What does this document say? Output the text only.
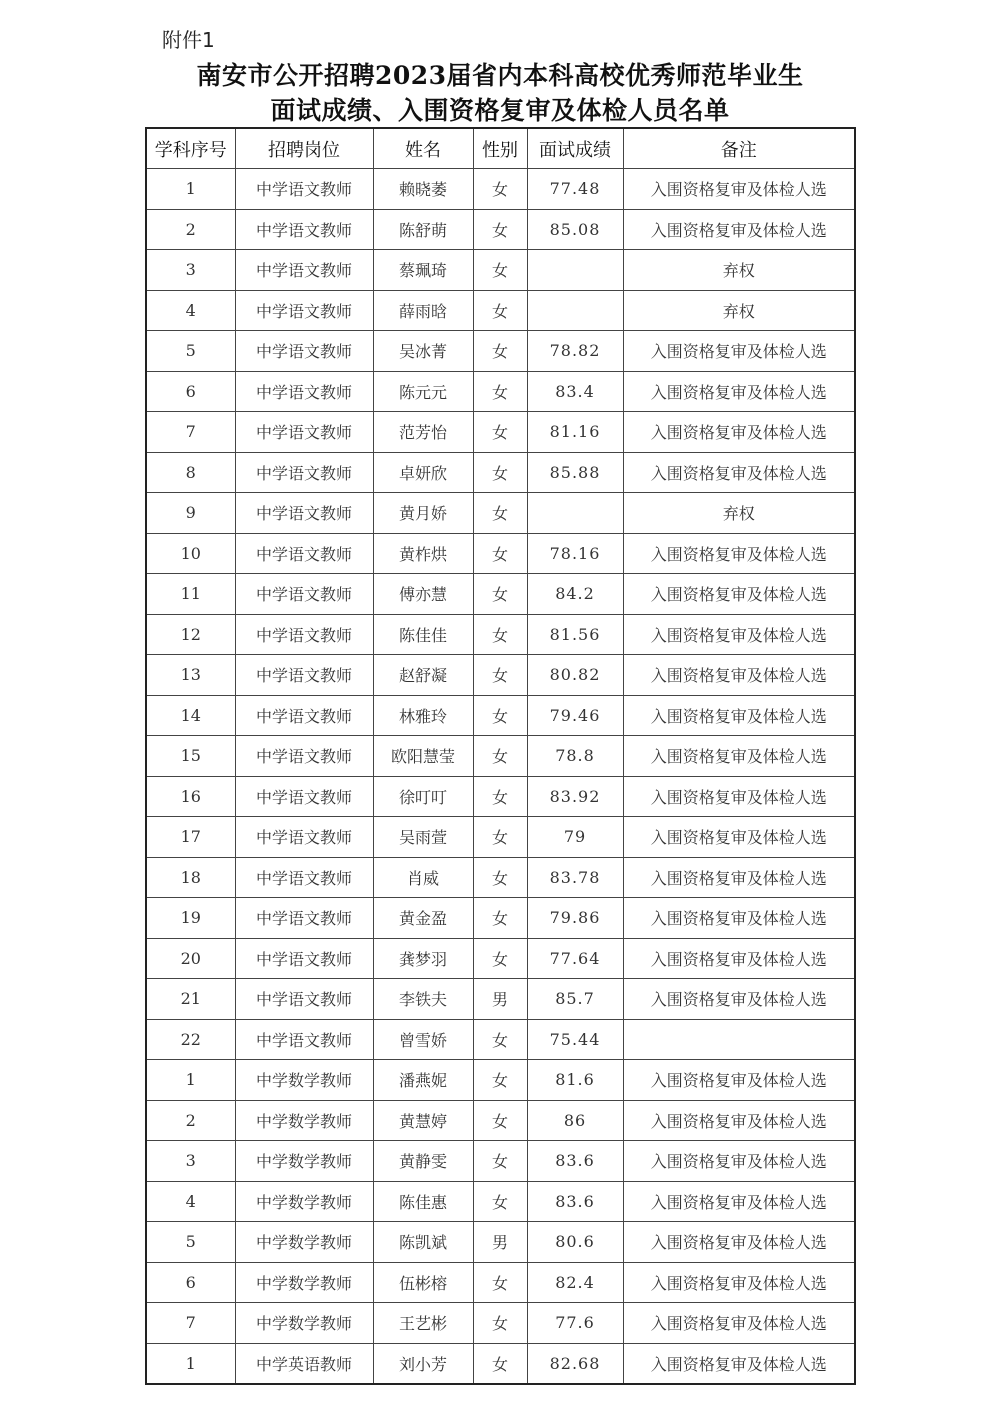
附件1
南安市公开招聘2023届省内本科高校优秀师范毕业生
面试成绩、入围资格复审及体检人员名单
学科序号	招聘岗位	姓名	性别	面试成绩	备注
1	中学语文教师	赖晓萎	女	77.48	入围资格复审及体检人选
2	中学语文教师	陈舒萌	女	85.08	入围资格复审及体检人选
3	中学语文教师	蔡珮琦	女		弃权
4	中学语文教师	薛雨晗	女		弃权
5	中学语文教师	吴冰菁	女	78.82	入围资格复审及体检人选
6	中学语文教师	陈元元	女	83.4	入围资格复审及体检人选
7	中学语文教师	范芳怡	女	81.16	入围资格复审及体检人选
8	中学语文教师	卓妍欣	女	85.88	入围资格复审及体检人选
9	中学语文教师	黄月娇	女		弃权
10	中学语文教师	黄柞烘	女	78.16	入围资格复审及体检人选
11	中学语文教师	傅亦慧	女	84.2	入围资格复审及体检人选
12	中学语文教师	陈佳佳	女	81.56	入围资格复审及体检人选
13	中学语文教师	赵舒凝	女	80.82	入围资格复审及体检人选
14	中学语文教师	林雅玲	女	79.46	入围资格复审及体检人选
15	中学语文教师	欧阳慧莹	女	78.8	入围资格复审及体检人选
16	中学语文教师	徐叮叮	女	83.92	入围资格复审及体检人选
17	中学语文教师	吴雨萱	女	79	入围资格复审及体检人选
18	中学语文教师	肖威	女	83.78	入围资格复审及体检人选
19	中学语文教师	黄金盈	女	79.86	入围资格复审及体检人选
20	中学语文教师	龚梦羽	女	77.64	入围资格复审及体检人选
21	中学语文教师	李铁夫	男	85.7	入围资格复审及体检人选
22	中学语文教师	曾雪娇	女	75.44	
1	中学数学教师	潘燕妮	女	81.6	入围资格复审及体检人选
2	中学数学教师	黄慧婷	女	86	入围资格复审及体检人选
3	中学数学教师	黄静雯	女	83.6	入围资格复审及体检人选
4	中学数学教师	陈佳惠	女	83.6	入围资格复审及体检人选
5	中学数学教师	陈凯斌	男	80.6	入围资格复审及体检人选
6	中学数学教师	伍彬榕	女	82.4	入围资格复审及体检人选
7	中学数学教师	王艺彬	女	77.6	入围资格复审及体检人选
1	中学英语教师	刘小芳	女	82.68	入围资格复审及体检人选
